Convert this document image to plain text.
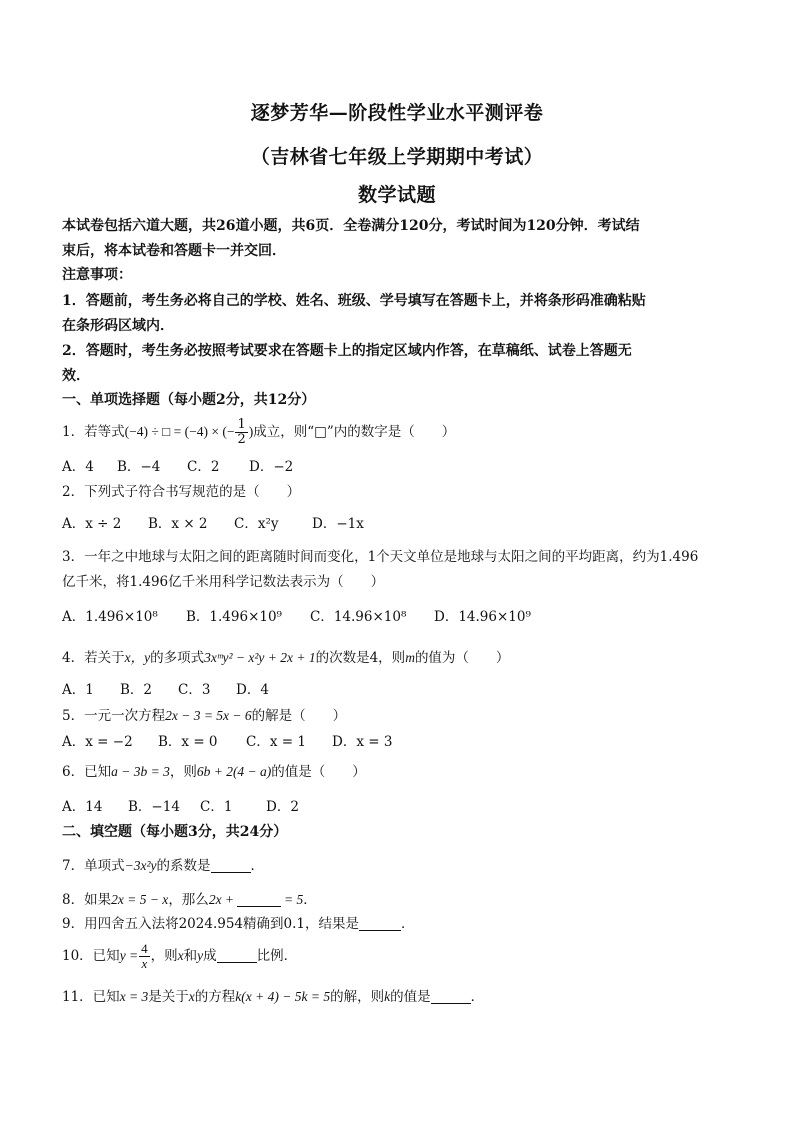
逐梦芳华—阶段性学业水平测评卷
（吉林省七年级上学期期中考试）
数学试题
本试卷包括六道大题，共26道小题，共6页．全卷满分120分，考试时间为120分钟．考试结
束后，将本试卷和答题卡一并交回．
注意事项：
1．答题前，考生务必将自己的学校、姓名、班级、学号填写在答题卡上，并将条形码准确粘贴
在条形码区域内．
2．答题时，考生务必按照考试要求在答题卡上的指定区域内作答，在草稿纸、试卷上答题无
效．
一、单项选择题（每小题2分，共12分）
1．若等式(−4) ÷ □ = (−4) × (− $\frac{1}{2}$ )成立，则“□”内的数字是（　　）
A．4 B．−4 C．2 D．−2
2．下列式子符合书写规范的是（　　）
A．x ÷ 2 B．x × 2 C．x²y D．−1x
3．一年之中地球与太阳之间的距离随时间而变化，1个天文单位是地球与太阳之间的平均距离，约为1.496
亿千米，将1.496亿千米用科学记数法表示为（　　）
A．1.496×10⁸ B．1.496×10⁹ C．14.96×10⁸ D．14.96×10⁹
4．若关于x，y的多项式3xᵐy² − x²y + 2x + 1的次数是4，则m的值为（　　）
A．1 B．2 C．3 D．4
5．一元一次方程2x − 3 = 5x − 6的解是（　　）
A．x = −2 B．x = 0 C．x = 1 D．x = 3
6．已知a − 3b = 3，则6b + 2(4 − a)的值是（　　）
A．14 B．−14 C．1 D．2
二、填空题（每小题3分，共24分）
7．单项式−3x²y的系数是	．
8．如果2x = 5 − x，那么2x +	= 5．
9．用四舍五入法将2024.954精确到0.1，结果是	．
10．已知$y = \frac{4}{x}$ ，则x和y成	比例．
11．已知x = 3是关于x的方程k(x + 4) − 5k = 5的解，则k的值是	．
